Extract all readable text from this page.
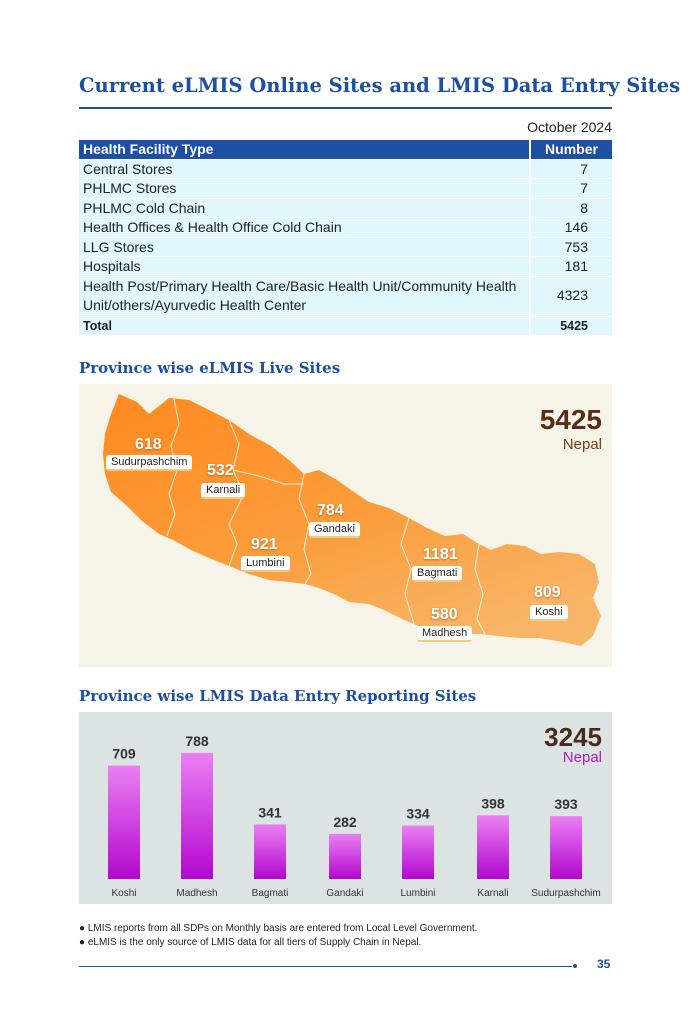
Current eLMIS Online Sites and LMIS Data Entry Sites
October 2024
Health Facility Type	Number
Central Stores	7
PHLMC Stores	7
PHLMC Cold Chain	8
Health Offices & Health Office Cold Chain	146
LLG Stores	753
Hospitals	181
Health Post/Primary Health Care/Basic Health Unit/Community Health Unit/others/Ayurvedic Health Center	4323
Total	5425
Province wise eLMIS Live Sites
5425
Nepal
618
Sudurpashchim	532
Karnali
784
Gandaki
921
Lumbini	1181
Bagmati
580
Madhesh
809
Koshi
Province wise LMIS Data Entry Reporting Sites
709
Koshi
788
Madhesh
341
Bagmati
282
Gandaki
334
Lumbini
398
Karnali
393
Sudurpashchim
3245
Nepal
● LMIS reports from all SDPs on Monthly basis are entered from Local Level Government.
● eLMIS is the only source of LMIS data for all tiers of Supply Chain in Nepal.
35
